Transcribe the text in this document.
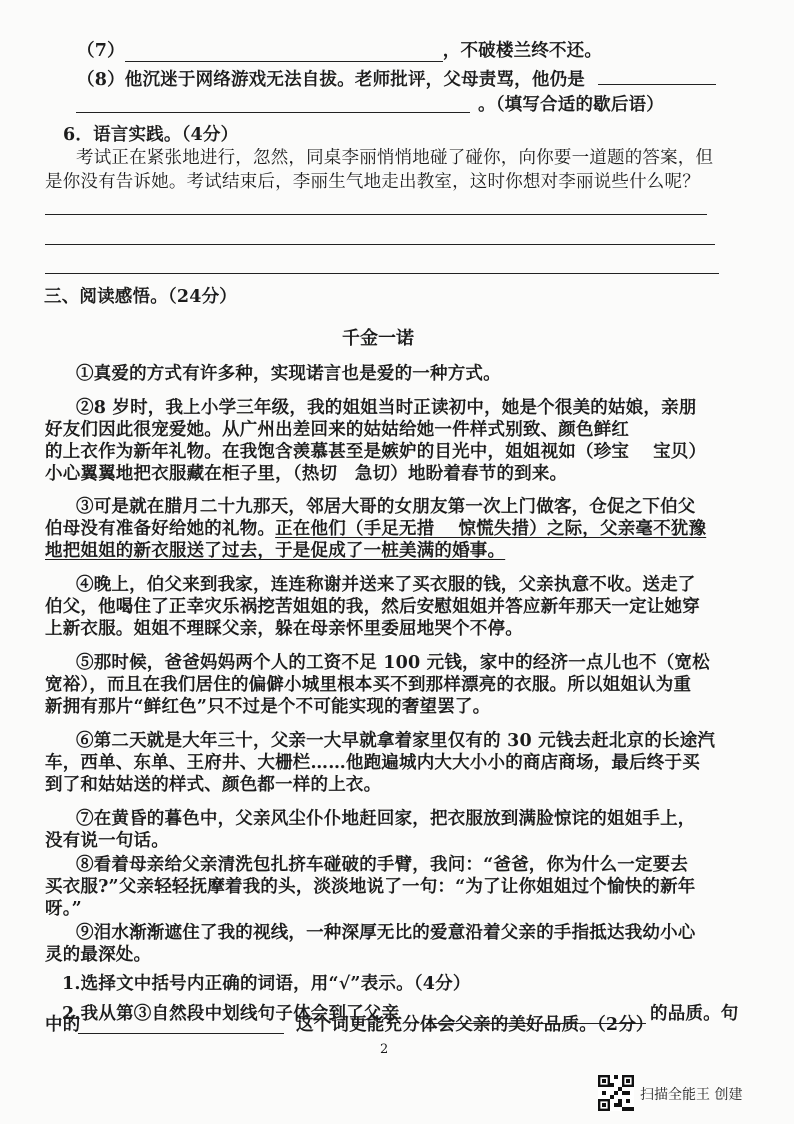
（7）	，不破楼兰终不还。
（8）他沉迷于网络游戏无法自拔。老师批评，父母责骂，他仍是
。（填写合适的歇后语）
6．语言实践。（4分）
考试正在紧张地进行，忽然，同桌李丽悄悄地碰了碰你，向你要一道题的答案，但
是你没有告诉她。考试结束后，李丽生气地走出教室，这时你想对李丽说些什么呢？
三、阅读感悟。（24分）
千金一诺
①真爱的方式有许多种，实现诺言也是爱的一种方式。
②8 岁时，我上小学三年级，我的姐姐当时正读初中，她是个很美的姑娘，亲朋
好友们因此很宠爱她。从广州出差回来的姑姑给她一件样式别致、颜色鲜红
的上衣作为新年礼物。在我饱含羡慕甚至是嫉妒的目光中，姐姐视如（珍宝　 宝贝）
小心翼翼地把衣服藏在柜子里，（热切　急切）地盼着春节的到来。
③可是就在腊月二十九那天，邻居大哥的女朋友第一次上门做客，仓促之下伯父
伯母没有准备好给她的礼物。正在他们（手足无措　 惊慌失措）之际，父亲毫不犹豫
地把姐姐的新衣服送了过去，于是促成了一桩美满的婚事。
④晚上，伯父来到我家，连连称谢并送来了买衣服的钱，父亲执意不收。送走了
伯父，他喝住了正幸灾乐祸挖苦姐姐的我，然后安慰姐姐并答应新年那天一定让她穿
上新衣服。姐姐不理睬父亲，躲在母亲怀里委屈地哭个不停。
⑤那时候，爸爸妈妈两个人的工资不足 100 元钱，家中的经济一点儿也不（宽松
宽裕），而且在我们居住的偏僻小城里根本买不到那样漂亮的衣服。所以姐姐认为重
新拥有那片“鲜红色”只不过是个不可能实现的奢望罢了。
⑥第二天就是大年三十，父亲一大早就拿着家里仅有的 30 元钱去赶北京的长途汽
车，西单、东单、王府井、大栅栏……他跑遍城内大大小小的商店商场，最后终于买
到了和姑姑送的样式、颜色都一样的上衣。
⑦在黄昏的暮色中，父亲风尘仆仆地赶回家，把衣服放到满脸惊诧的姐姐手上，
没有说一句话。
⑧看着母亲给父亲清洗包扎挤车碰破的手臂，我问：“爸爸，你为什么一定要去
买衣服?”父亲轻轻抚摩着我的头，淡淡地说了一句：“为了让你姐姐过个愉快的新年
呀。”
⑨泪水渐渐遮住了我的视线，一种深厚无比的爱意沿着父亲的手指抵达我幼小心
灵的最深处。
1.选择文中括号内正确的词语，用“√”表示。（4分）
2.我从第③自然段中划线句子体会到了父亲	的品质。句
中的	这个词更能充分体会父亲的美好品质。（2分）
2
扫描全能王 创建
